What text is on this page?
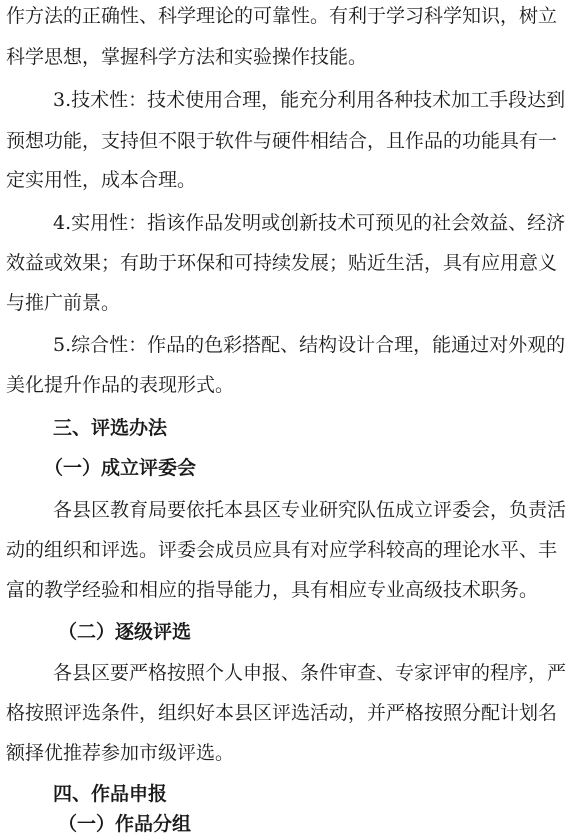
作方法的正确性、科学理论的可靠性。有利于学习科学知识，树立
科学思想，掌握科学方法和实验操作技能。
3.技术性：技术使用合理，能充分利用各种技术加工手段达到
预想功能，支持但不限于软件与硬件相结合，且作品的功能具有一
定实用性，成本合理。
4.实用性：指该作品发明或创新技术可预见的社会效益、经济
效益或效果；有助于环保和可持续发展；贴近生活，具有应用意义
与推广前景。
5.综合性：作品的色彩搭配、结构设计合理，能通过对外观的
美化提升作品的表现形式。
三、评选办法
（一）成立评委会
各县区教育局要依托本县区专业研究队伍成立评委会，负责活
动的组织和评选。评委会成员应具有对应学科较高的理论水平、丰
富的教学经验和相应的指导能力，具有相应专业高级技术职务。
（二）逐级评选
各县区要严格按照个人申报、条件审查、专家评审的程序，严
格按照评选条件，组织好本县区评选活动，并严格按照分配计划名
额择优推荐参加市级评选。
四、作品申报
（一）作品分组
